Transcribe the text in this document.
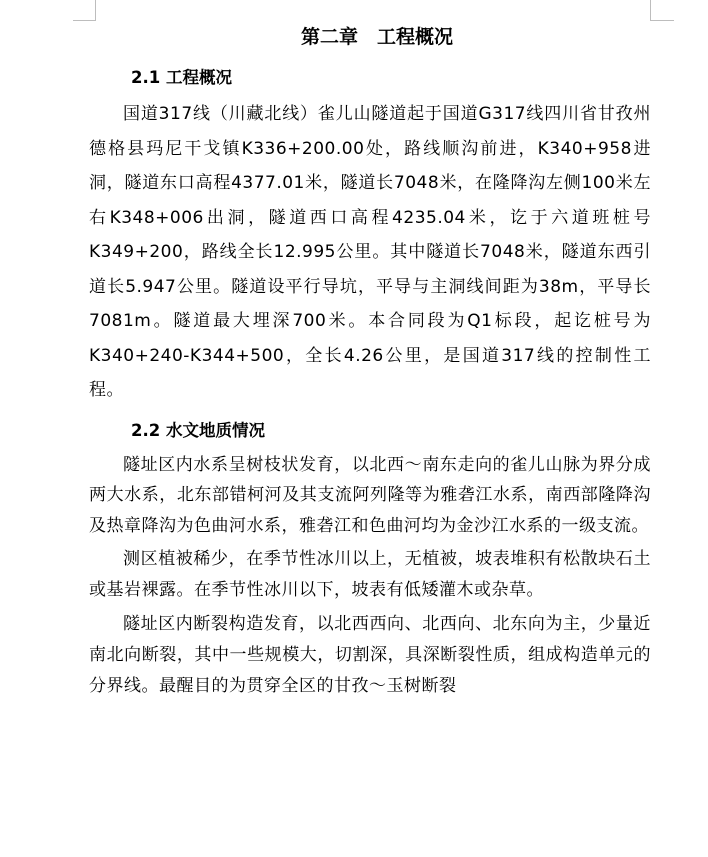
第二章　工程概况
2.1 工程概况

国道317线（川藏北线）雀儿山隧道起于国道G317线四川省甘孜州德格县玛尼干戈镇K336+200.00处，路线顺沟前进，K340+958进洞，隧道东口高程4377.01米，隧道长7048米，在隆降沟左侧100米左右K348+006出洞，隧道西口高程4235.04米，讫于六道班桩号K349+200，路线全长12.995公里。其中隧道长7048米，隧道东西引道长5.947公里。隧道设平行导坑，平导与主洞线间距为38m，平导长7081m。隧道最大埋深700米。本合同段为Q1标段，起讫桩号为K340+240-K344+500，全长4.26公里，是国道317线的控制性工程。

2.2 水文地质情况

隧址区内水系呈树枝状发育，以北西～南东走向的雀儿山脉为界分成两大水系，北东部错柯河及其支流阿列隆等为雅砻江水系，南西部隆降沟及热章降沟为色曲河水系，雅砻江和色曲河均为金沙江水系的一级支流。

测区植被稀少，在季节性冰川以上，无植被，坡表堆积有松散块石土或基岩裸露。在季节性冰川以下，坡表有低矮灌木或杂草。

隧址区内断裂构造发育，以北西西向、北西向、北东向为主，少量近南北向断裂，其中一些规模大，切割深，具深断裂性质，组成构造单元的分界线。最醒目的为贯穿全区的甘孜～玉树断裂
